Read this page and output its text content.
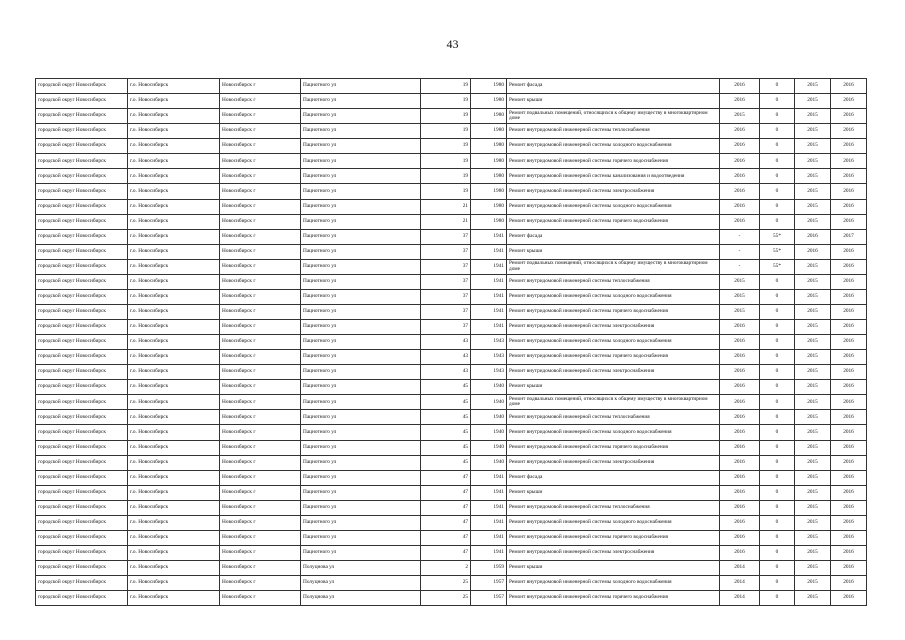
43
городской округ Новосибирск	г.о. Новосибирск	Новосибирск г	Пацнотного ул	19	1980	Ремонт фасада	2016	0	2015	2016
городской округ Новосибирск	г.о. Новосибирск	Новосибирск г	Пацнотного ул	19	1980	Ремонт крыши	2016	0	2015	2016
городской округ Новосибирск	г.о. Новосибирск	Новосибирск г	Пацнотного ул	19	1980	Ремонт подвальных помещений, относящихся к общему имуществу в многоквартирном доме	2015	0	2015	2016
городской округ Новосибирск	г.о. Новосибирск	Новосибирск г	Пацнотного ул	19	1980	Ремонт внутридомовой инженерной системы теплоснабжения	2016	0	2015	2016
городской округ Новосибирск	г.о. Новосибирск	Новосибирск г	Пацнотного ул	19	1980	Ремонт внутридомовой инженерной системы холодного водоснабжения	2016	0	2015	2016
городской округ Новосибирск	г.о. Новосибирск	Новосибирск г	Пацнотного ул	19	1980	Ремонт внутридомовой инженерной системы горячего водоснабжения	2016	0	2015	2016
городской округ Новосибирск	г.о. Новосибирск	Новосибирск г	Пацнотного ул	19	1980	Ремонт внутридомовой инженерной системы канализования и водоотведения	2016	0	2015	2016
городской округ Новосибирск	г.о. Новосибирск	Новосибирск г	Пацнотного ул	19	1980	Ремонт внутридомовой инженерной системы электроснабжения	2016	0	2015	2016
городской округ Новосибирск	г.о. Новосибирск	Новосибирск г	Пацнотного ул	21	1980	Ремонт внутридомовой инженерной системы холодного водоснабжения	2016	0	2015	2016
городской округ Новосибирск	г.о. Новосибирск	Новосибирск г	Пацнотного ул	21	1980	Ремонт внутридомовой инженерной системы горячего водоснабжения	2016	0	2015	2016
городской округ Новосибирск	г.о. Новосибирск	Новосибирск г	Пацнотного ул	37	1941	Ремонт фасада	-	55*	2016	2017
городской округ Новосибирск	г.о. Новосибирск	Новосибирск г	Пацнотного ул	37	1941	Ремонт крыши	-	55*	2016	2016
городской округ Новосибирск	г.о. Новосибирск	Новосибирск г	Пацнотного ул	37	1941	Ремонт подвальных помещений, относящихся к общему имуществу в многоквартирном доме	-	55*	2015	2016
городской округ Новосибирск	г.о. Новосибирск	Новосибирск г	Пацнотного ул	37	1941	Ремонт внутридомовой инженерной системы теплоснабжения	2015	0	2015	2016
городской округ Новосибирск	г.о. Новосибирск	Новосибирск г	Пацнотного ул	37	1941	Ремонт внутридомовой инженерной системы холодного водоснабжения	2015	0	2015	2016
городской округ Новосибирск	г.о. Новосибирск	Новосибирск г	Пацнотного ул	37	1941	Ремонт внутридомовой инженерной системы горячего водоснабжения	2015	0	2015	2016
городской округ Новосибирск	г.о. Новосибирск	Новосибирск г	Пацнотного ул	37	1941	Ремонт внутридомовой инженерной системы электроснабжения	2016	0	2015	2016
городской округ Новосибирск	г.о. Новосибирск	Новосибирск г	Пацнотного ул	43	1943	Ремонт внутридомовой инженерной системы холодного водоснабжения	2016	0	2015	2016
городской округ Новосибирск	г.о. Новосибирск	Новосибирск г	Пацнотного ул	43	1943	Ремонт внутридомовой инженерной системы горячего водоснабжения	2016	0	2015	2016
городской округ Новосибирск	г.о. Новосибирск	Новосибирск г	Пацнотного ул	43	1943	Ремонт внутридомовой инженерной системы электроснабжения	2016	0	2015	2016
городской округ Новосибирск	г.о. Новосибирск	Новосибирск г	Пацнотного ул	45	1940	Ремонт крыши	2016	0	2015	2016
городской округ Новосибирск	г.о. Новосибирск	Новосибирск г	Пацнотного ул	45	1940	Ремонт подвальных помещений, относящихся к общему имуществу в многоквартирном доме	2016	0	2015	2016
городской округ Новосибирск	г.о. Новосибирск	Новосибирск г	Пацнотного ул	45	1940	Ремонт внутридомовой инженерной системы теплоснабжения	2016	0	2015	2016
городской округ Новосибирск	г.о. Новосибирск	Новосибирск г	Пацнотного ул	45	1940	Ремонт внутридомовой инженерной системы холодного водоснабжения	2016	0	2015	2016
городской округ Новосибирск	г.о. Новосибирск	Новосибирск г	Пацнотного ул	45	1940	Ремонт внутридомовой инженерной системы горячего водоснабжения	2016	0	2015	2016
городской округ Новосибирск	г.о. Новосибирск	Новосибирск г	Пацнотного ул	45	1940	Ремонт внутридомовой инженерной системы электроснабжения	2016	0	2015	2016
городской округ Новосибирск	г.о. Новосибирск	Новосибирск г	Пацнотного ул	47	1941	Ремонт фасада	2016	0	2015	2016
городской округ Новосибирск	г.о. Новосибирск	Новосибирск г	Пацнотного ул	47	1941	Ремонт крыши	2016	0	2015	2016
городской округ Новосибирск	г.о. Новосибирск	Новосибирск г	Пацнотного ул	47	1941	Ремонт внутридомовой инженерной системы теплоснабжения	2016	0	2015	2016
городской округ Новосибирск	г.о. Новосибирск	Новосибирск г	Пацнотного ул	47	1941	Ремонт внутридомовой инженерной системы холодного водоснабжения	2016	0	2015	2016
городской округ Новосибирск	г.о. Новосибирск	Новосибирск г	Пацнотного ул	47	1941	Ремонт внутридомовой инженерной системы горячего водоснабжения	2016	0	2015	2016
городской округ Новосибирск	г.о. Новосибирск	Новосибирск г	Пацнотного ул	47	1941	Ремонт внутридомовой инженерной системы электроснабжения	2016	0	2015	2016
городской округ Новосибирск	г.о. Новосибирск	Новосибирск г	Полуцнова ул	2	1959	Ремонт крыши	2014	0	2015	2016
городской округ Новосибирск	г.о. Новосибирск	Новосибирск г	Полуцнова ул	25	1957	Ремонт внутридомовой инженерной системы холодного водоснабжения	2014	0	2015	2016
городской округ Новосибирск	г.о. Новосибирск	Новосибирск г	Полуцнова ул	25	1957	Ремонт внутридомовой инженерной системы горячего водоснабжения	2014	0	2015	2016
